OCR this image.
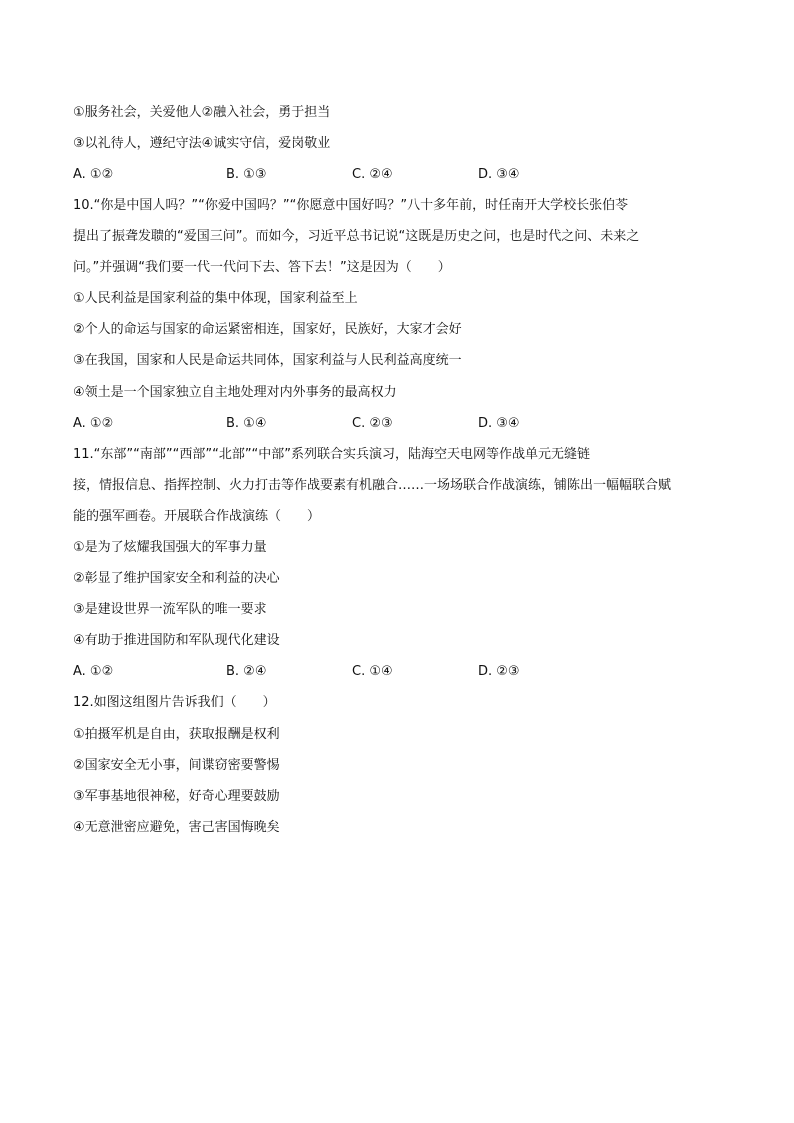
①服务社会，关爱他人②融入社会，勇于担当
③以礼待人，遵纪守法④诚实守信，爱岗敬业
A. ①②	B. ①③	C. ②④	D. ③④
10.“你是中国人吗？”“你爱中国吗？”“你愿意中国好吗？”八十多年前，时任南开大学校长张伯苓
提出了振聋发聩的“爱国三问”。而如今，习近平总书记说“这既是历史之问，也是时代之问、未来之
问。”并强调“我们要一代一代问下去、答下去！”这是因为（　　）
①人民利益是国家利益的集中体现，国家利益至上
②个人的命运与国家的命运紧密相连，国家好，民族好，大家才会好
③在我国，国家和人民是命运共同体，国家利益与人民利益高度统一
④领土是一个国家独立自主地处理对内外事务的最高权力
A. ①②	B. ①④	C. ②③	D. ③④
11.“东部”“南部”“西部”“北部”“中部”系列联合实兵演习，陆海空天电网等作战单元无缝链
接，情报信息、指挥控制、火力打击等作战要素有机融合……一场场联合作战演练，铺陈出一幅幅联合赋
能的强军画卷。开展联合作战演练（　　）
①是为了炫耀我国强大的军事力量
②彰显了维护国家安全和利益的决心
③是建设世界一流军队的唯一要求
④有助于推进国防和军队现代化建设
A. ①②	B. ②④	C. ①④	D. ②③
12.如图这组图片告诉我们（　　）
①拍摄军机是自由，获取报酬是权利
②国家安全无小事，间谍窃密要警惕
③军事基地很神秘，好奇心理要鼓励
④无意泄密应避免，害己害国悔晚矣
